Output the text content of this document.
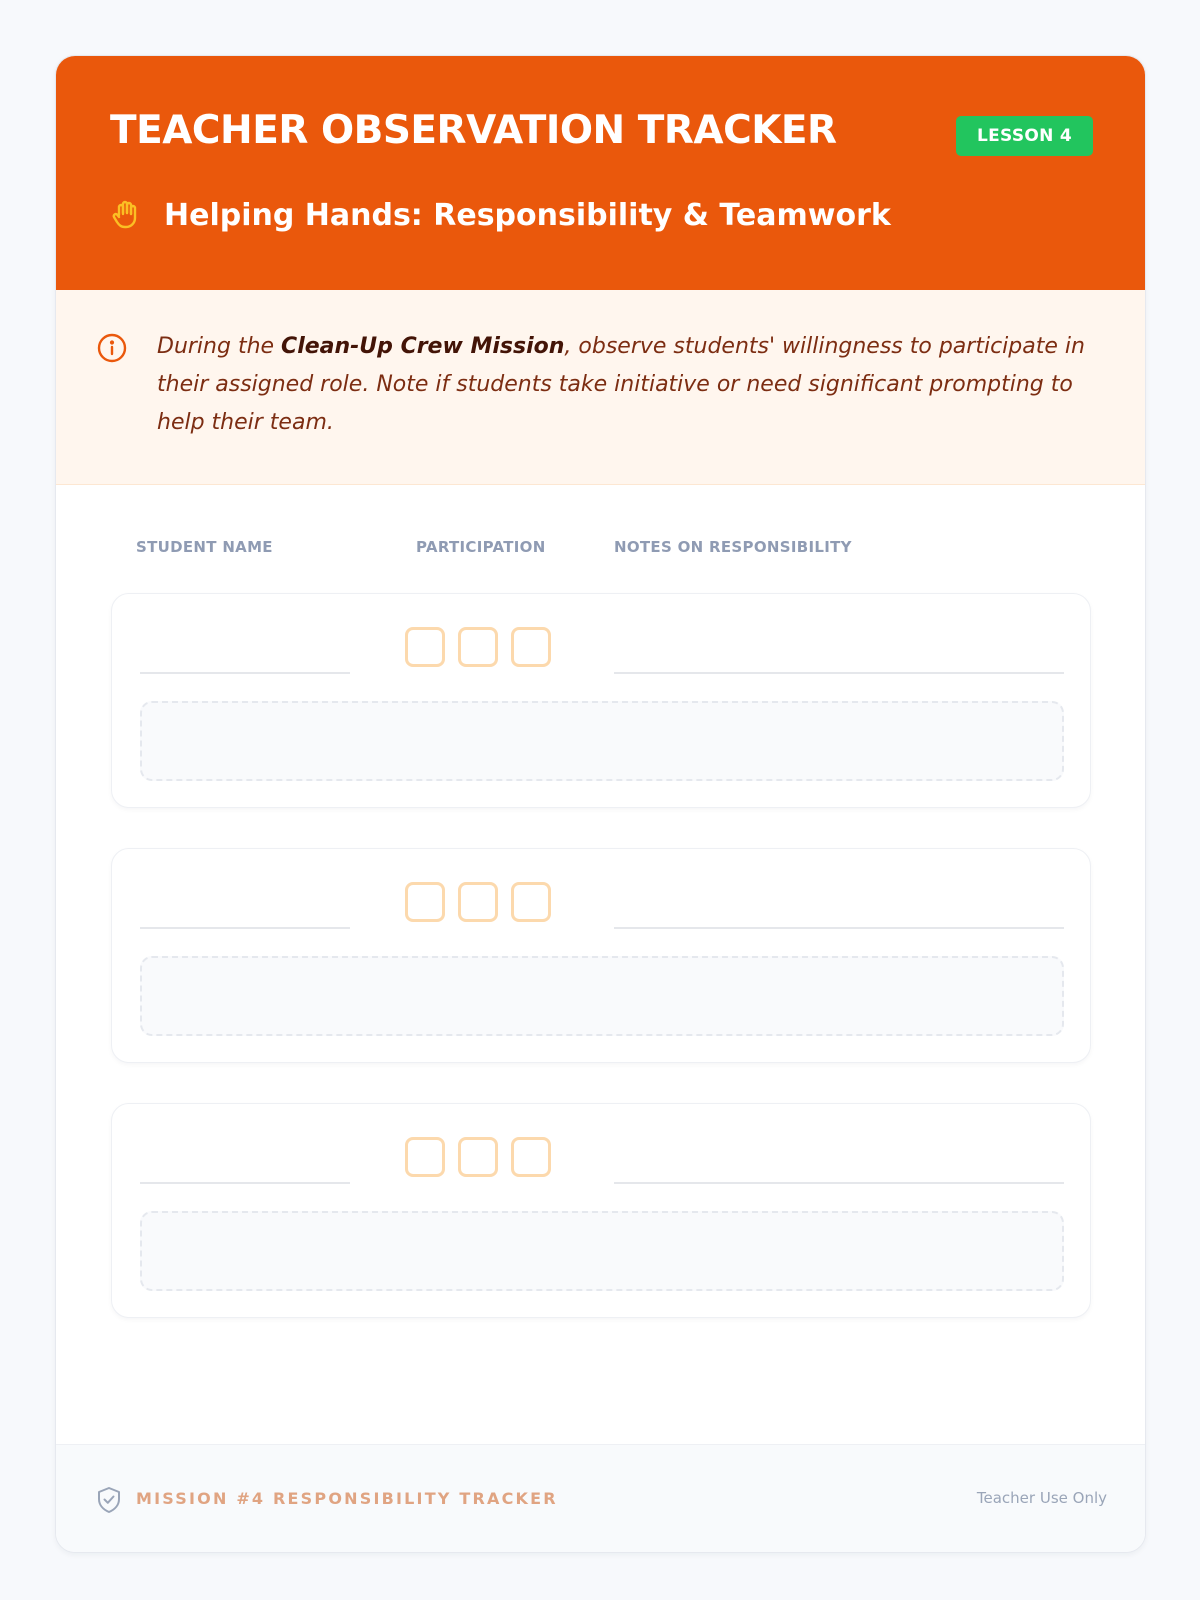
TEACHER OBSERVATION TRACKER	LESSON 4
Helping Hands: Responsibility & Teamwork

During the Clean-Up Crew Mission, observe students' willingness to participate in their assigned role. Note if students take initiative or need significant prompting to help their team.

STUDENT NAME	PARTICIPATION	NOTES ON RESPONSIBILITY
MISSION #4 RESPONSIBILITY TRACKER	Teacher Use Only
